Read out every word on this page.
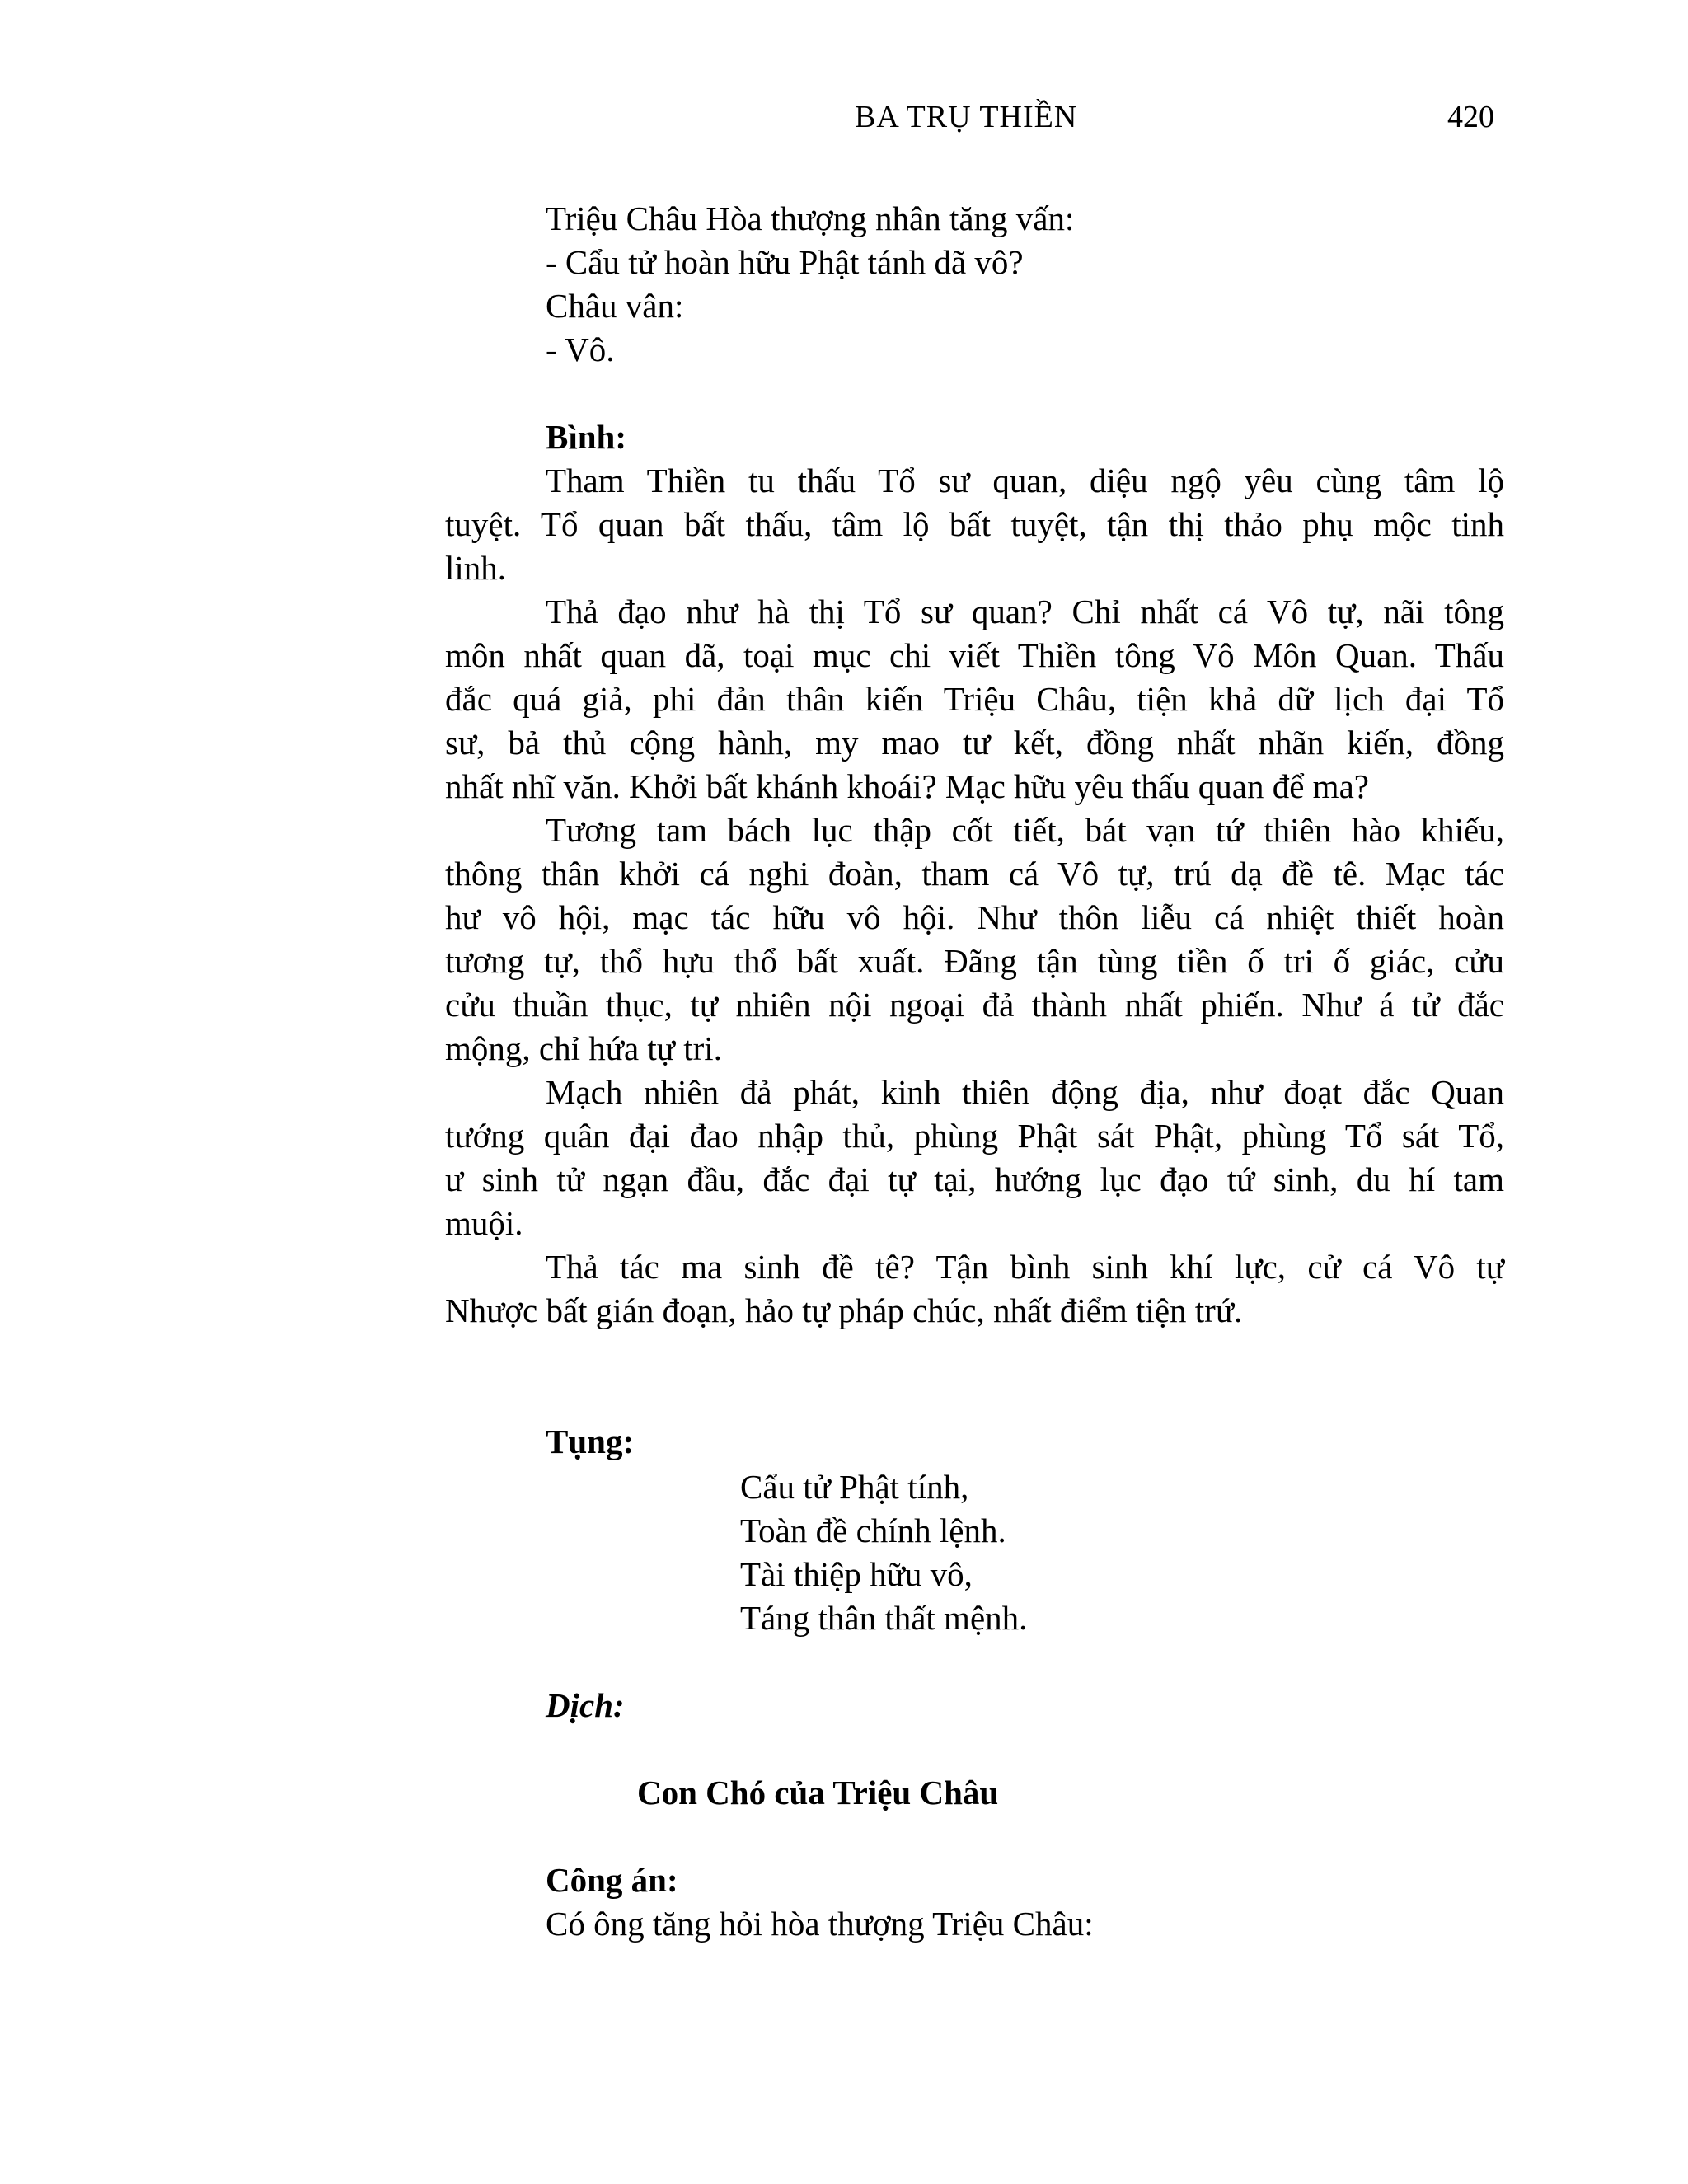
BA TRỤ THIỀN	420
Triệu Châu Hòa thượng nhân tăng vấn:
- Cẩu tử hoàn hữu Phật tánh dã vô?
Châu vân:
- Vô.
Bình:
Tham Thiền tu thấu Tổ sư quan, diệu ngộ yêu cùng tâm lộ
tuyệt. Tổ quan bất thấu, tâm lộ bất tuyệt, tận thị thảo phụ mộc tinh
linh.
Thả đạo như hà thị Tổ sư quan? Chỉ nhất cá Vô tự, nãi tông
môn nhất quan dã, toại mục chi viết Thiền tông Vô Môn Quan. Thấu
đắc quá giả, phi đản thân kiến Triệu Châu, tiện khả dữ lịch đại Tổ
sư, bả thủ cộng hành, my mao tư kết, đồng nhất nhãn kiến, đồng
nhất nhĩ văn. Khởi bất khánh khoái? Mạc hữu yêu thấu quan để ma?
Tương tam bách lục thập cốt tiết, bát vạn tứ thiên hào khiếu,
thông thân khởi cá nghi đoàn, tham cá Vô tự, trú dạ đề tê. Mạc tác
hư vô hội, mạc tác hữu vô hội. Như thôn liễu cá nhiệt thiết hoàn
tương tự, thổ hựu thổ bất xuất. Đãng tận tùng tiền ố tri ố giác, cửu
cửu thuần thục, tự nhiên nội ngoại đả thành nhất phiến. Như á tử đắc
mộng, chỉ hứa tự tri.
Mạch nhiên đả phát, kinh thiên động địa, như đoạt đắc Quan
tướng quân đại đao nhập thủ, phùng Phật sát Phật, phùng Tổ sát Tổ,
ư sinh tử ngạn đầu, đắc đại tự tại, hướng lục đạo tứ sinh, du hí tam
muội.
Thả tác ma sinh đề tê? Tận bình sinh khí lực, cử cá Vô tự
Nhược bất gián đoạn, hảo tự pháp chúc, nhất điểm tiện trứ.
Tụng:
Cẩu tử Phật tính,
Toàn đề chính lệnh.
Tài thiệp hữu vô,
Táng thân thất mệnh.
Dịch:
Con Chó của Triệu Châu
Công án:
Có ông tăng hỏi hòa thượng Triệu Châu:
